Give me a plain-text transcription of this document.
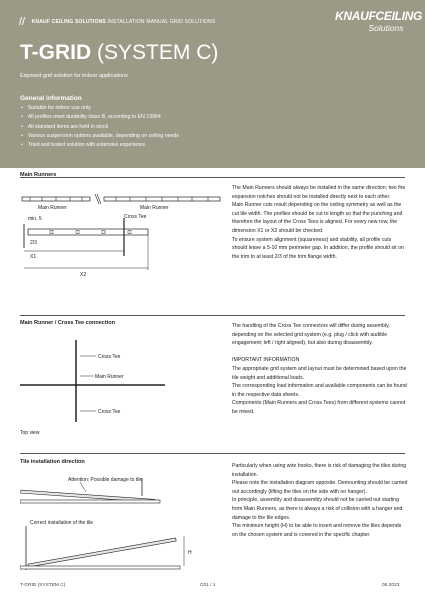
KNAUF CEILING SOLUTIONS INSTALLATION MANUAL GRID SOLUTIONS	KNAUFCEILING
Solutions
T-GRID (SYSTEM C)
Exposed grid solution for indoor applications
General information
• Suitable for indoor use only
• All profiles meet durability class B, according to EN 13964
• All standard items are held in stock
• Various suspension options available, depending on ceiling needs
• Tried and tested solution with extensive experience
Main Runners
Main Runner	Main Runner
min. 5	Cross Tee
2/3
X1
X2

The Main Runners should always be installed in the same direction; two fire expansion notches should not be installed directly next to each other.

Main Runner cuts result depending on the ceiling symmetry as well as the cut tile width. The profiles should be cut to length so that the punching and therefore the layout of the Cross Tees is aligned. For every new row, the dimension X1 or X2 should be checked.

To ensure system alignment (squareness) and stability, all profile cuts should leave a 5-10 mm perimeter gap. In addition, the profile should sit on the trim to at least 2/3 of the trim flange width.

Main Runner / Cross Tee connection
Cross Tee
Main Runner
Cross Tee
Top view

The handling of the Cross Tee connectors will differ during assembly, depending on the selected grid system (e.g. plug / click with audible engagement; left / right aligned), but also during disassembly.

IMPORTANT INFORMATION

The appropriate grid system and layout must be determined based upon the tile weight and additional loads.

The corresponding load information and available components can be found in the respective data sheets.

Components (Main Runners and Cross Tees) from different systems cannot be mixed.

Tile installation direction
Attention: Possible damage to tile
Correct installation of the tile
H

Particularly when using wire hooks, there is risk of damaging the tiles during installation.

Please note the installation diagram opposite. Demounting should be carried out accordingly (lifting the tiles on the side with no hanger).

In principle, assembly and disassembly should not be carried out starting from Main Runners, as there is always a risk of collision with a hanger and damage to the tile edges.

The minimum height (H) to be able to insert and remove the tiles depends on the chosen system and is covered in the specific chapter.

T-GRID (SYSTEM C)	C01 / 1	05.2023
